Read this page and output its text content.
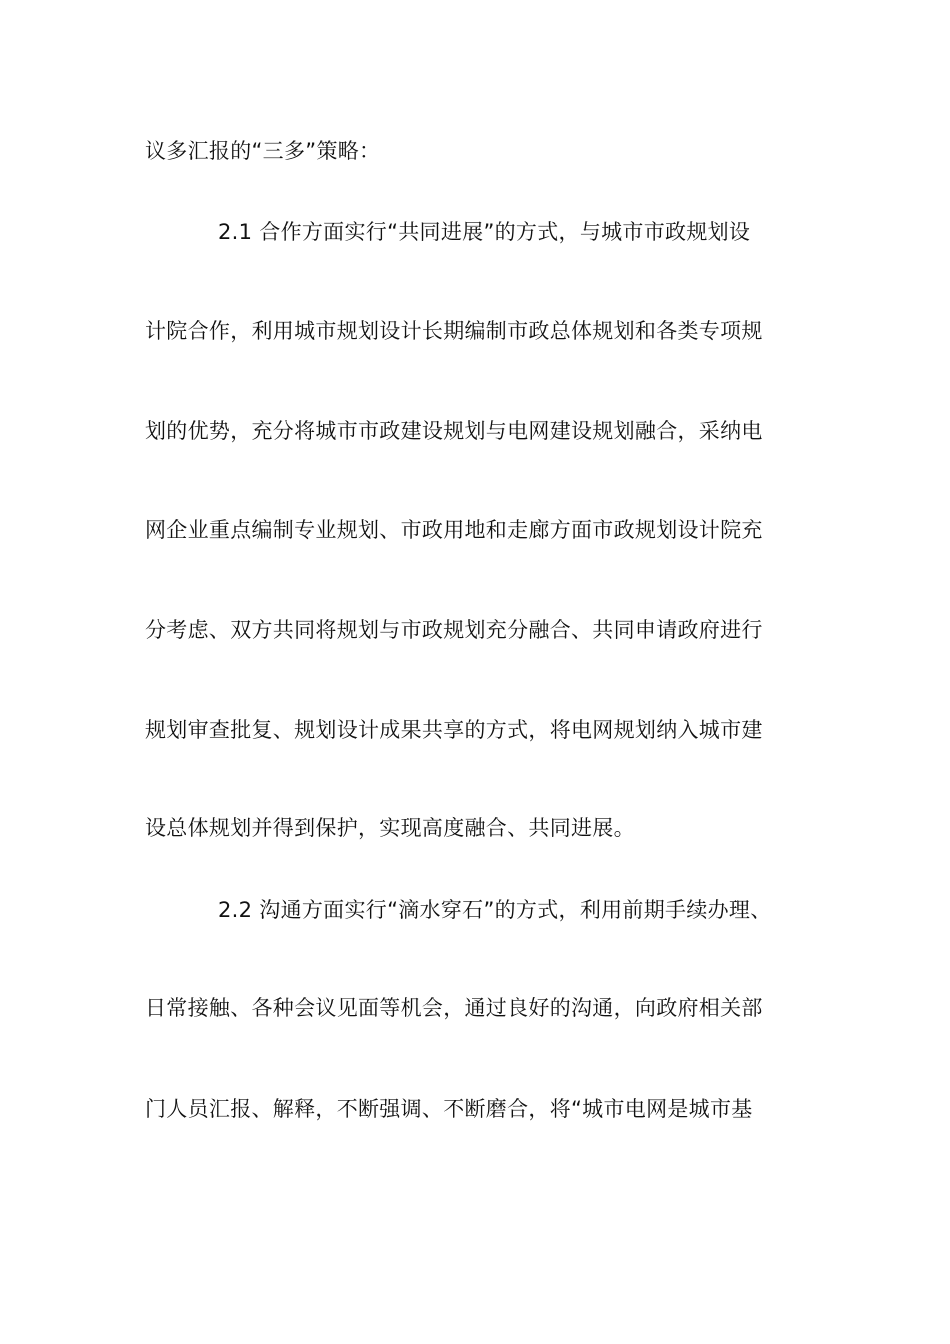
议多汇报的“三多”策略：
2.1 合作方面实行“共同进展”的方式，与城市市政规划设
计院合作，利用城市规划设计长期编制市政总体规划和各类专项规
划的优势，充分将城市市政建设规划与电网建设规划融合，采纳电
网企业重点编制专业规划、市政用地和走廊方面市政规划设计院充
分考虑、双方共同将规划与市政规划充分融合、共同申请政府进行
规划审查批复、规划设计成果共享的方式，将电网规划纳入城市建
设总体规划并得到保护，实现高度融合、共同进展。
2.2 沟通方面实行“滴水穿石”的方式，利用前期手续办理、
日常接触、各种会议见面等机会，通过良好的沟通，向政府相关部
门人员汇报、解释，不断强调、不断磨合，将“城市电网是城市基
